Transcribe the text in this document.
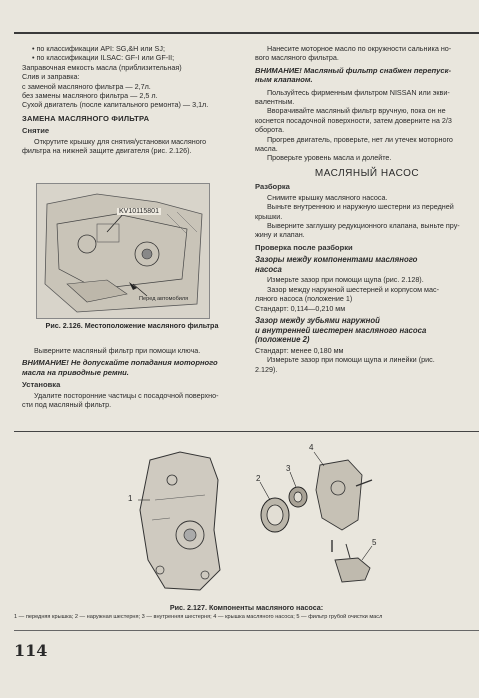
• по классификации API: SG,&H или SJ;
• по классификации ILSAC: GF-I или GF-II;
Заправочная емкость масла (приблизительная)
Слив и заправка:
с заменой масляного фильтра — 2,7л.
без замены масляного фильтра — 2,5 л.
Сухой двигатель (после капитального ремонта) — 3,1л.
ЗАМЕНА МАСЛЯНОГО ФИЛЬТРА
Снятие
Открутите крышку для снятия/установки масляного
фильтра на нижней защите двигателя (рис. 2.126).
KV10115801
Перед автомобиля
Рис. 2.126. Местоположение масляного фильтра
Выверните масляный фильтр при помощи ключа.
ВНИМАНИЕ! Не допускайте попадания моторного
масла на приводные ремни.
Установка
Удалите посторонние частицы с посадочной поверхно-
сти под масляный фильтр.
Нанесите моторное масло по окружности сальника но-
вого масляного фильтра.
ВНИМАНИЕ! Масляный фильтр снабжен перепуск-
ным клапаном.
Пользуйтесь фирменным фильтром NISSAN или экви-
валентным.
Вворачивайте масляный фильтр вручную, пока он не
коснется посадочной поверхности, затем доверните на 2/3
оборота.
Прогрев двигатель, проверьте, нет ли утечек моторного
масла.
Проверьте уровень масла и долейте.
МАСЛЯНЫЙ НАСОС
Разборка
Снимите крышку масляного насоса.
Выньте внутреннюю и наружную шестерни из передней
крышки.
Выверните заглушку редукционного клапана, выньте пру-
жину и клапан.
Проверка после разборки
Зазоры между компонентами масляного
насоса
Измерьте зазор при помощи щупа (рис. 2.128).
Зазор между наружной шестерней и корпусом мас-
ляного насоса (положение 1)
Стандарт: 0,114—0,210 мм
Зазор между зубьями наружной
и внутренней шестерен масляного насоса
(положение 2)
Стандарт: менее 0,180 мм
Измерьте зазор при помощи щупа и линейки (рис.
2.129).
1
2
3
4
5
Рис. 2.127. Компоненты масляного насоса:
1 — передняя крышка; 2 — наружная шестерня; 3 — внутренняя шестерня; 4 — крышка масляного насоса; 5 — фильтр грубой очистки масл
114
